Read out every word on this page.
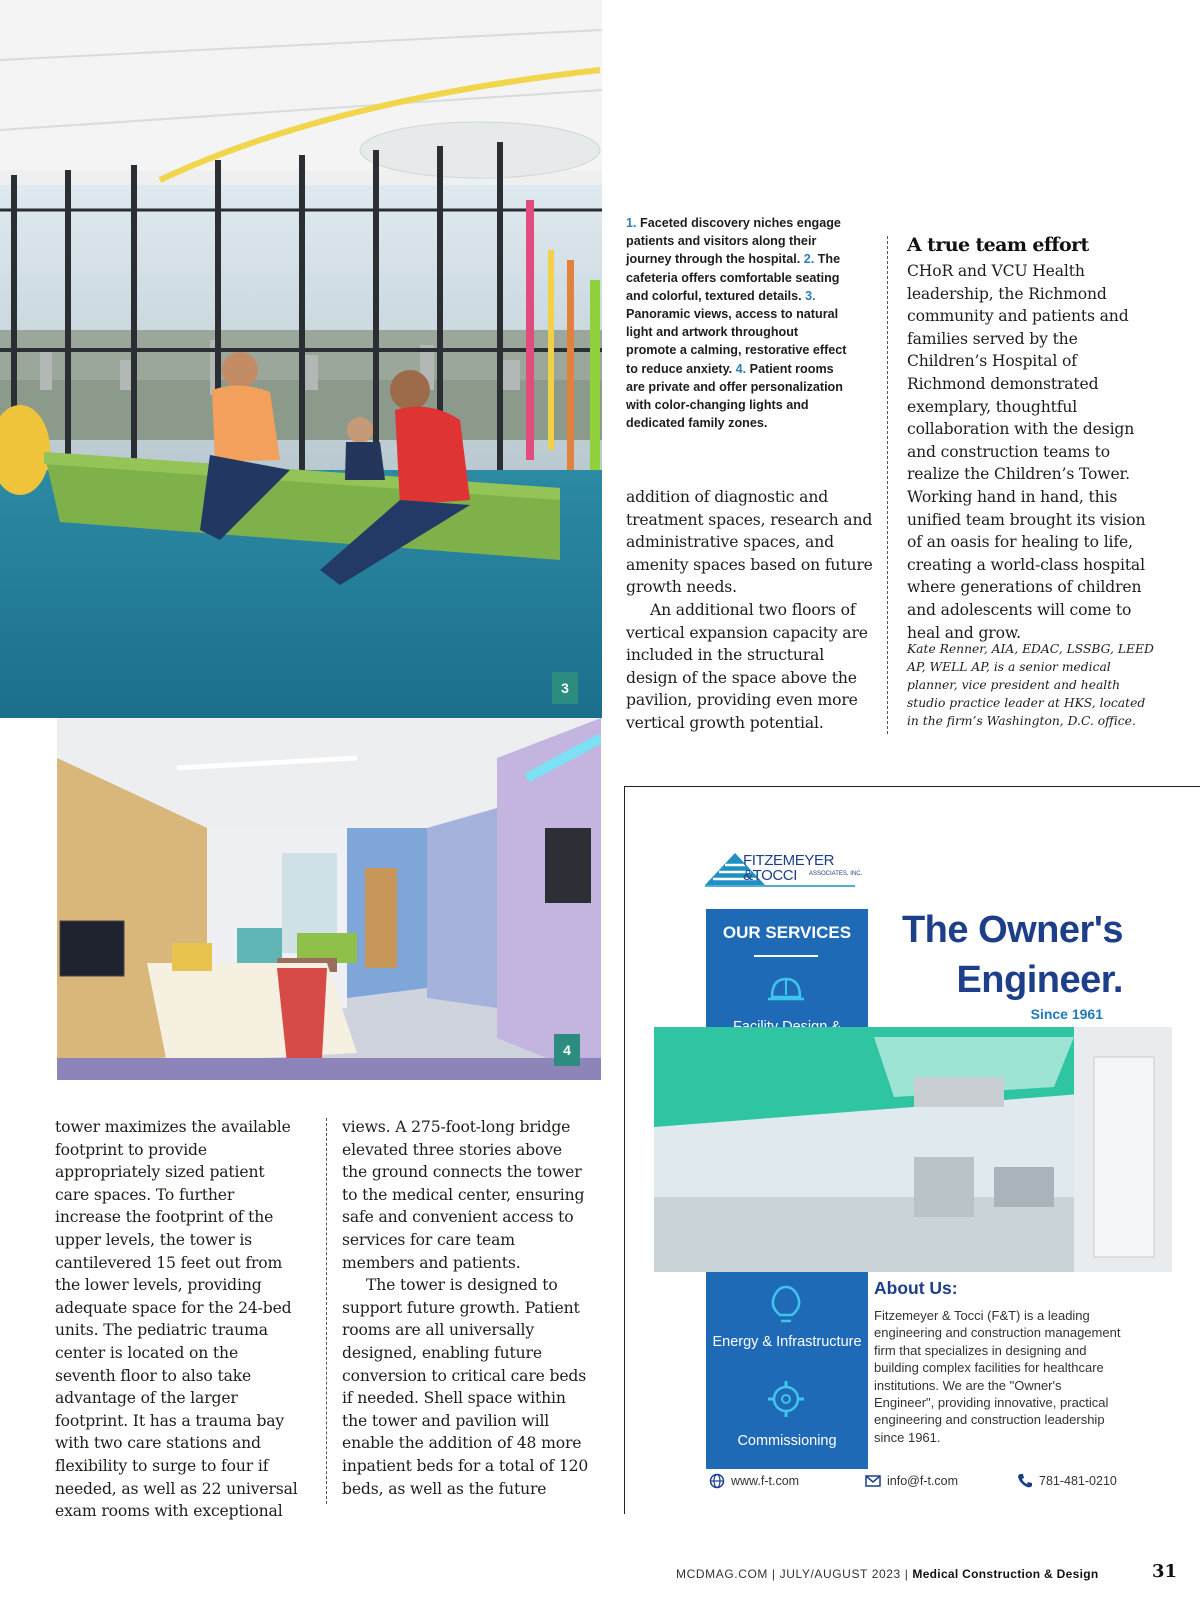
3
4
1. Faceted discovery niches engage patients and visitors along their journey through the hospital. 2. The cafeteria offers comfortable seating and colorful, textured details. 3. Panoramic views, access to natural light and artwork throughout promote a calming, restorative effect to reduce anxiety. 4. Patient rooms are private and offer personalization with color-changing lights and dedicated family zones.

addition of diagnostic and treatment spaces, research and administrative spaces, and amenity spaces based on future growth needs.

An additional two floors of vertical expansion capacity are included in the structural design of the space above the pavilion, providing even more vertical growth potential.

A true team effort

CHoR and VCU Health leadership, the Richmond community and patients and families served by the Children’s Hospital of Richmond demonstrated exemplary, thoughtful collaboration with the design and construction teams to realize the Children’s Tower. Working hand in hand, this unified team brought its vision of an oasis for healing to life, creating a world-class hospital where generations of children and adolescents will come to heal and grow.

Kate Renner, AIA, EDAC, LSSBG, LEED AP, WELL AP, is a senior medical planner, vice president and health studio practice leader at HKS, located in the firm’s Washington, D.C. office.

tower maximizes the available footprint to provide appropriately sized patient care spaces. To further increase the footprint of the upper levels, the tower is cantilevered 15 feet out from the lower levels, providing adequate space for the 24-bed units. The pediatric trauma center is located on the seventh floor to also take advantage of the larger footprint. It has a trauma bay with two care stations and flexibility to surge to four if needed, as well as 22 universal exam rooms with exceptional

views. A 275-foot-long bridge elevated three stories above the ground connects the tower to the medical center, ensuring safe and convenient access to services for care team members and patients.

The tower is designed to support future growth. Patient rooms are all universally designed, enabling future conversion to critical care beds if needed. Shell space within the tower and pavilion will enable the addition of 48 more inpatient beds for a total of 120 beds, as well as the future

FITZEMEYER
&TOCCI	ASSOCIATES, INC.
OUR SERVICES
Energy & Infrastructure
Commissioning
The Owner's
Engineer.
Since 1961
About Us:
Fitzemeyer & Tocci (F&T) is a leading engineering and construction management firm that specializes in designing and building complex facilities for healthcare institutions. We are the "Owner's Engineer", providing innovative, practical engineering and construction leadership since 1961.
www.f-t.com	info@f-t.com	781-481-0210
MCDMAG.COM | JULY/AUGUST 2023 | Medical Construction & Design	31
